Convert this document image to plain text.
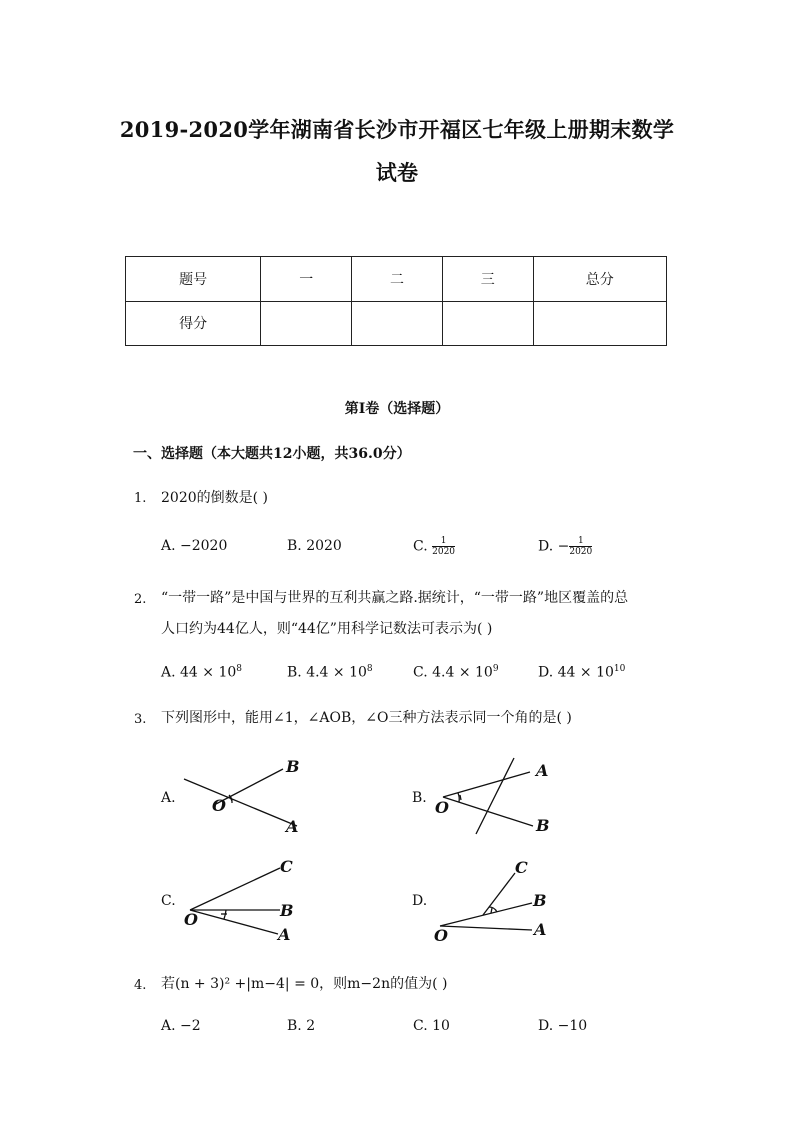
2019-2020学年湖南省长沙市开福区七年级上册期末数学
试卷
题号	一	二	三	总分
得分				
第I卷（选择题）
一、选择题（本大题共12小题，共36.0分）
1. 2020的倒数是( )
A. −2020	B. 2020	C. $\frac{1}{2020}$	D. − $\frac{1}{2020}$
2. “一带一路”是中国与世界的互利共赢之路.据统计，“一带一路”地区覆盖的总
人口约为44亿人，则“44亿”用科学记数法可表示为( )
A. $44 \times 10^8$	B. $4.4 \times 10^8$	C. $4.4 \times 10^9$	D. $44 \times 10^{10}$
3. 下列图形中，能用∠1，∠AOB，∠O三种方法表示同一个角的是( )
O
B
A
O
A
B
O
C
B
A	O
C
B
A
A.	B.
C.	D.
4. 若(n + 3)² +|m−4| = 0，则m−2n的值为( )
A. −2	B. 2	C. 10	D. −10
